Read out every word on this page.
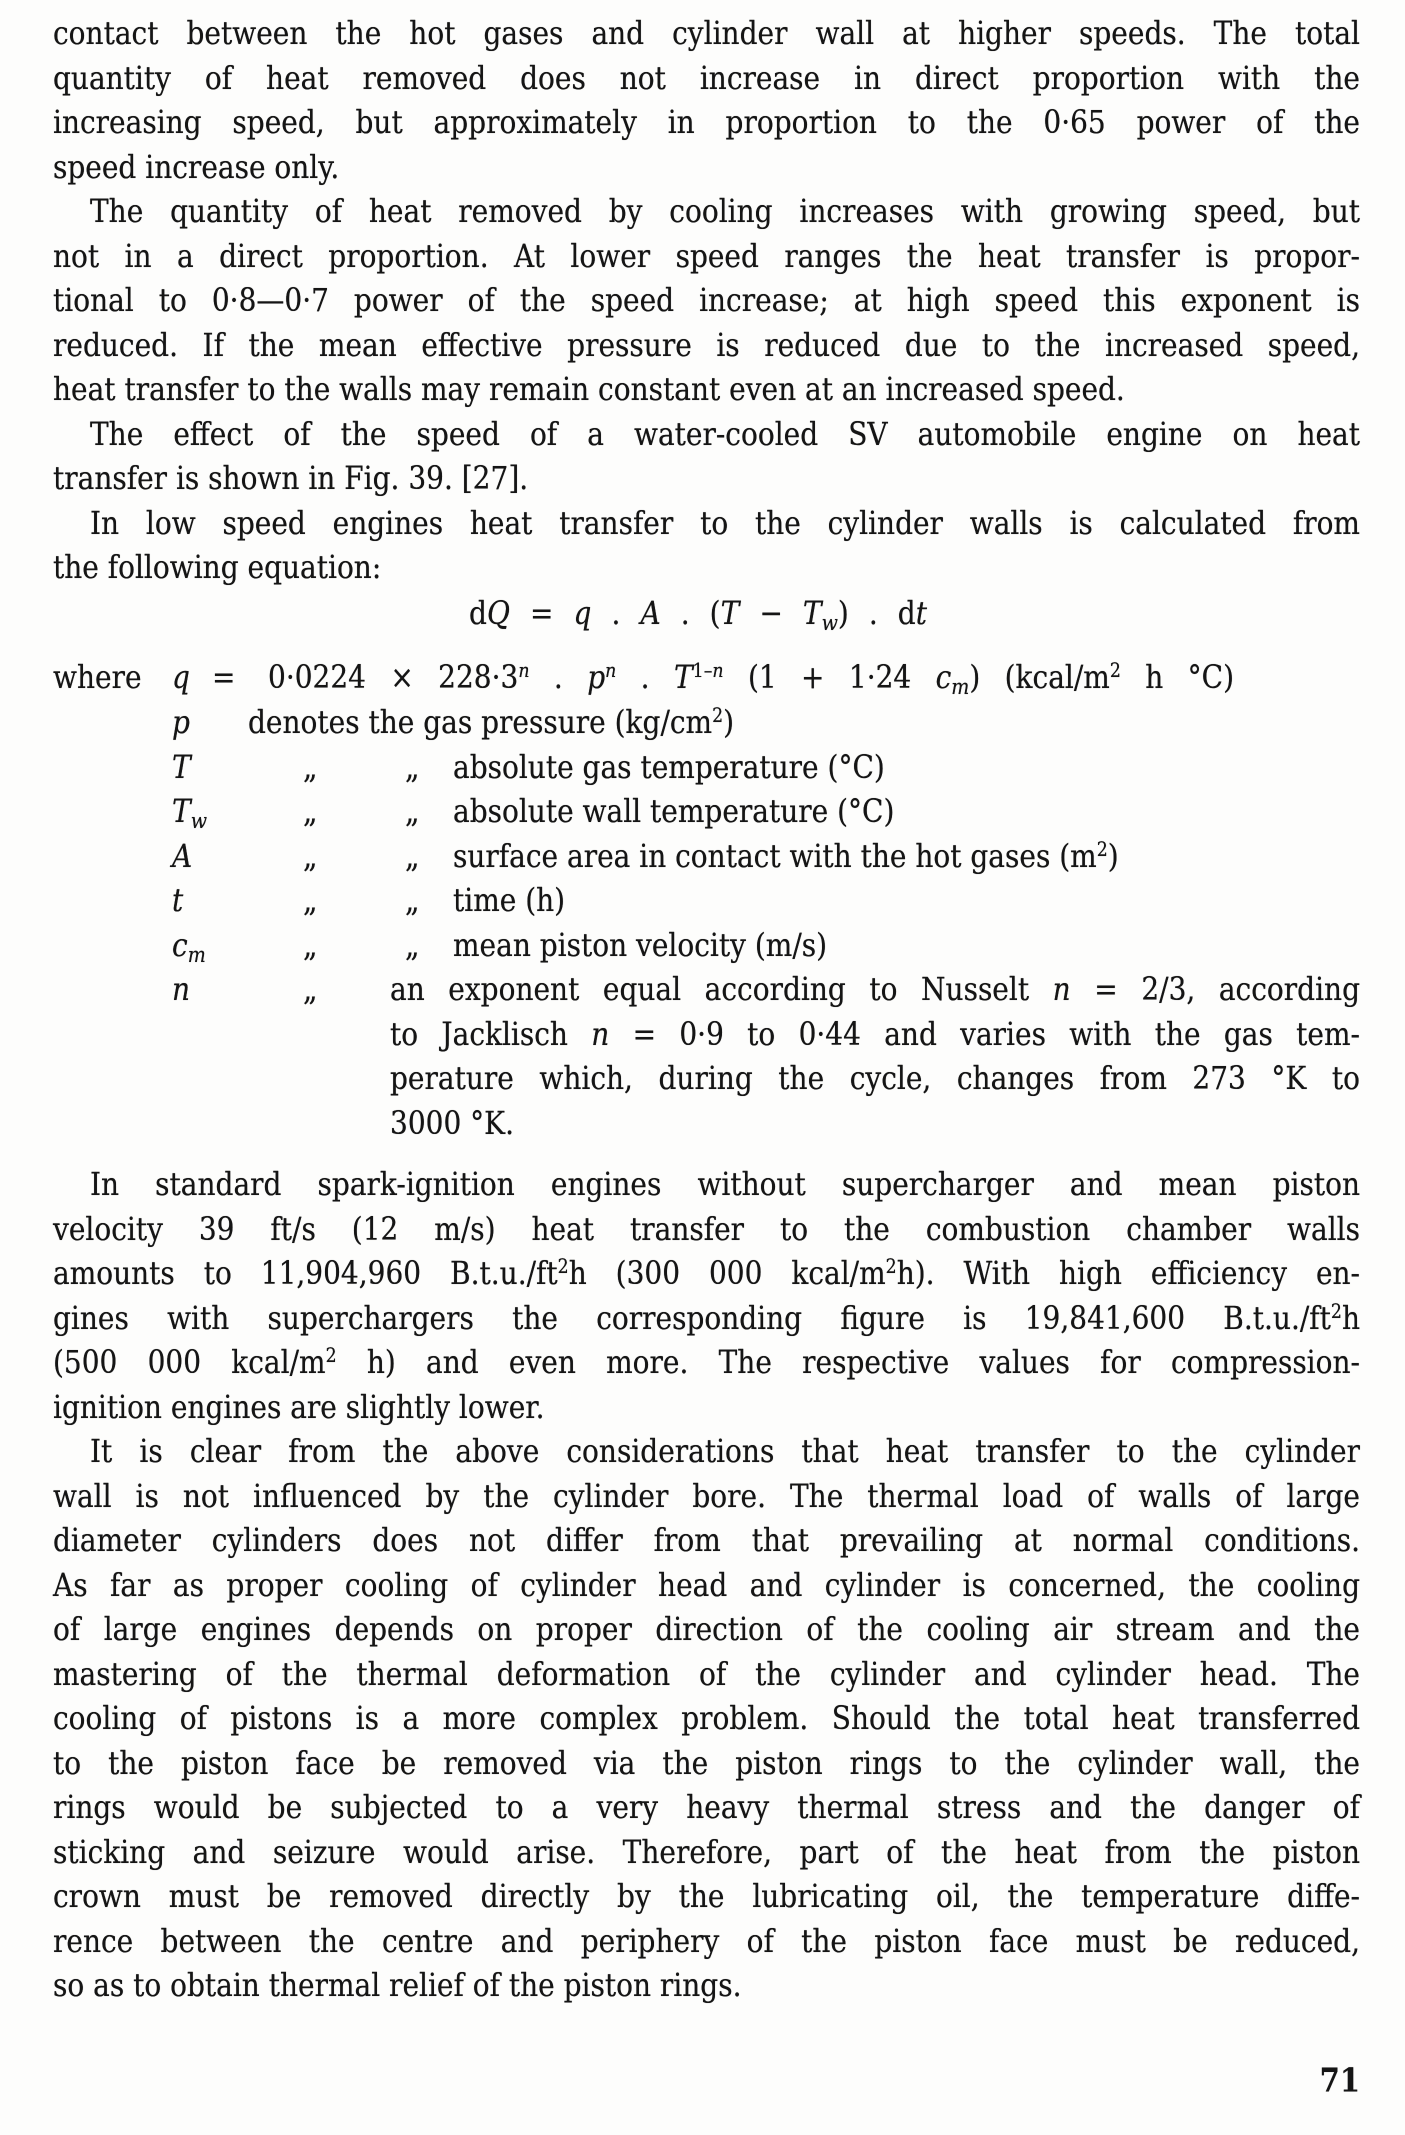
contact between the hot gases and cylinder wall at higher speeds. The total
quantity of heat removed does not increase in direct proportion with the
increasing speed, but approximately in proportion to the 0·65 power of the
speed increase only.
The quantity of heat removed by cooling increases with growing speed, but
not in a direct proportion. At lower speed ranges the heat transfer is propor-
tional to 0·8—0·7 power of the speed increase; at high speed this exponent is
reduced. If the mean effective pressure is reduced due to the increased speed,
heat transfer to the walls may remain constant even at an increased speed.
The effect of the speed of a water-cooled SV automobile engine on heat
transfer is shown in Fig. 39. [27].
In low speed engines heat transfer to the cylinder walls is calculated from
the following equation:
dQ = q . A . (T − Tw) . dt
where $q = 0\cdot 0224 \times 228\cdot 3^n$ . $p^n$ . $T^{1-n}$ (1 + 1·24 cm) ($kcal/m^2$ h °C)
p denotes the gas pressure $(kg/cm^2)$
T	„	„ absolute gas temperature (°C)
Tw	„	„ absolute wall temperature (°C)
A	„	„ surface area in contact with the hot gases $(m^2)$
t	„	„ time (h)
cm	„	„ mean piston velocity (m/s)
n	„	an exponent equal according to Nusselt n = 2/3, according
to Jacklisch n = 0·9 to 0·44 and varies with the gas tem-
perature which, during the cycle, changes from 273 °K to
3000 °K.
In standard spark-ignition engines without supercharger and mean piston
velocity 39 ft/s (12 m/s) heat transfer to the combustion chamber walls
amounts to 11,904,960 $B.t.u./ft^2h$ (300 000 kcal/$m^2h$). With high efficiency en-
gines with superchargers the corresponding figure is 19,841,600 $B.t.u./ft^2h$
(500 000 kcal/$m^2$ h) and even more. The respective values for compression-
ignition engines are slightly lower.
It is clear from the above considerations that heat transfer to the cylinder
wall is not influenced by the cylinder bore. The thermal load of walls of large
diameter cylinders does not differ from that prevailing at normal conditions.
As far as proper cooling of cylinder head and cylinder is concerned, the cooling
of large engines depends on proper direction of the cooling air stream and the
mastering of the thermal deformation of the cylinder and cylinder head. The
cooling of pistons is a more complex problem. Should the total heat transferred
to the piston face be removed via the piston rings to the cylinder wall, the
rings would be subjected to a very heavy thermal stress and the danger of
sticking and seizure would arise. Therefore, part of the heat from the piston
crown must be removed directly by the lubricating oil, the temperature diffe-
rence between the centre and periphery of the piston face must be reduced,
so as to obtain thermal relief of the piston rings.
71
